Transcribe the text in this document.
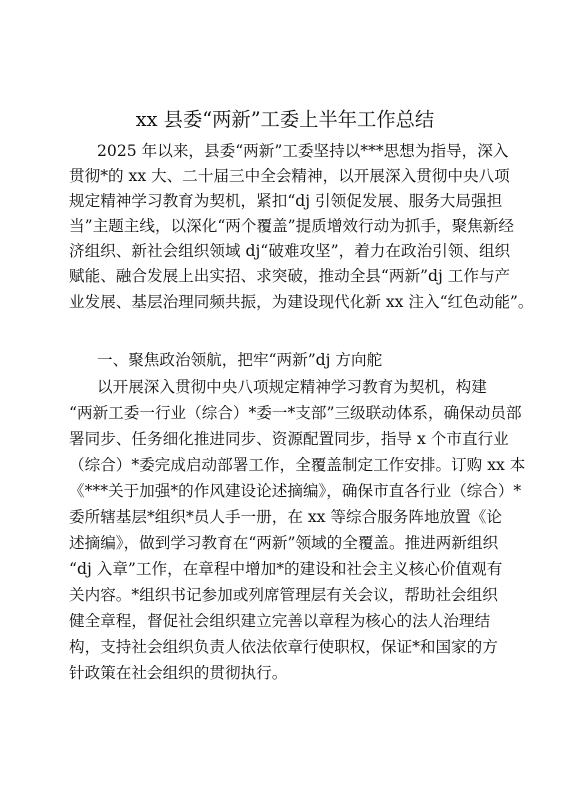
xx 县委“两新”工委上半年工作总结
2025 年以来，县委“两新”工委坚持以***思想为指导，深入
贯彻*的 xx 大、二十届三中全会精神，以开展深入贯彻中央八项
规定精神学习教育为契机，紧扣“dj 引领促发展、服务大局强担
当”主题主线，以深化“两个覆盖”提质增效行动为抓手，聚焦新经
济组织、新社会组织领域 dj“破难攻坚”，着力在政治引领、组织
赋能、融合发展上出实招、求突破，推动全县“两新”dj 工作与产
业发展、基层治理同频共振，为建设现代化新 xx 注入“红色动能”。
一、聚焦政治领航，把牢“两新”dj 方向舵
以开展深入贯彻中央八项规定精神学习教育为契机，构建
“两新工委一行业（综合）*委一*支部”三级联动体系，确保动员部
署同步、任务细化推进同步、资源配置同步，指导 x 个市直行业
（综合）*委完成启动部署工作，全覆盖制定工作安排。订购 xx 本
《***关于加强*的作风建设论述摘编》，确保市直各行业（综合）*
委所辖基层*组织*员人手一册，在 xx 等综合服务阵地放置《论
述摘编》，做到学习教育在“两新”领域的全覆盖。推进两新组织
“dj 入章”工作，在章程中增加*的建设和社会主义核心价值观有
关内容。*组织书记参加或列席管理层有关会议，帮助社会组织
健全章程，督促社会组织建立完善以章程为核心的法人治理结
构，支持社会组织负责人依法依章行使职权，保证*和国家的方
针政策在社会组织的贯彻执行。
